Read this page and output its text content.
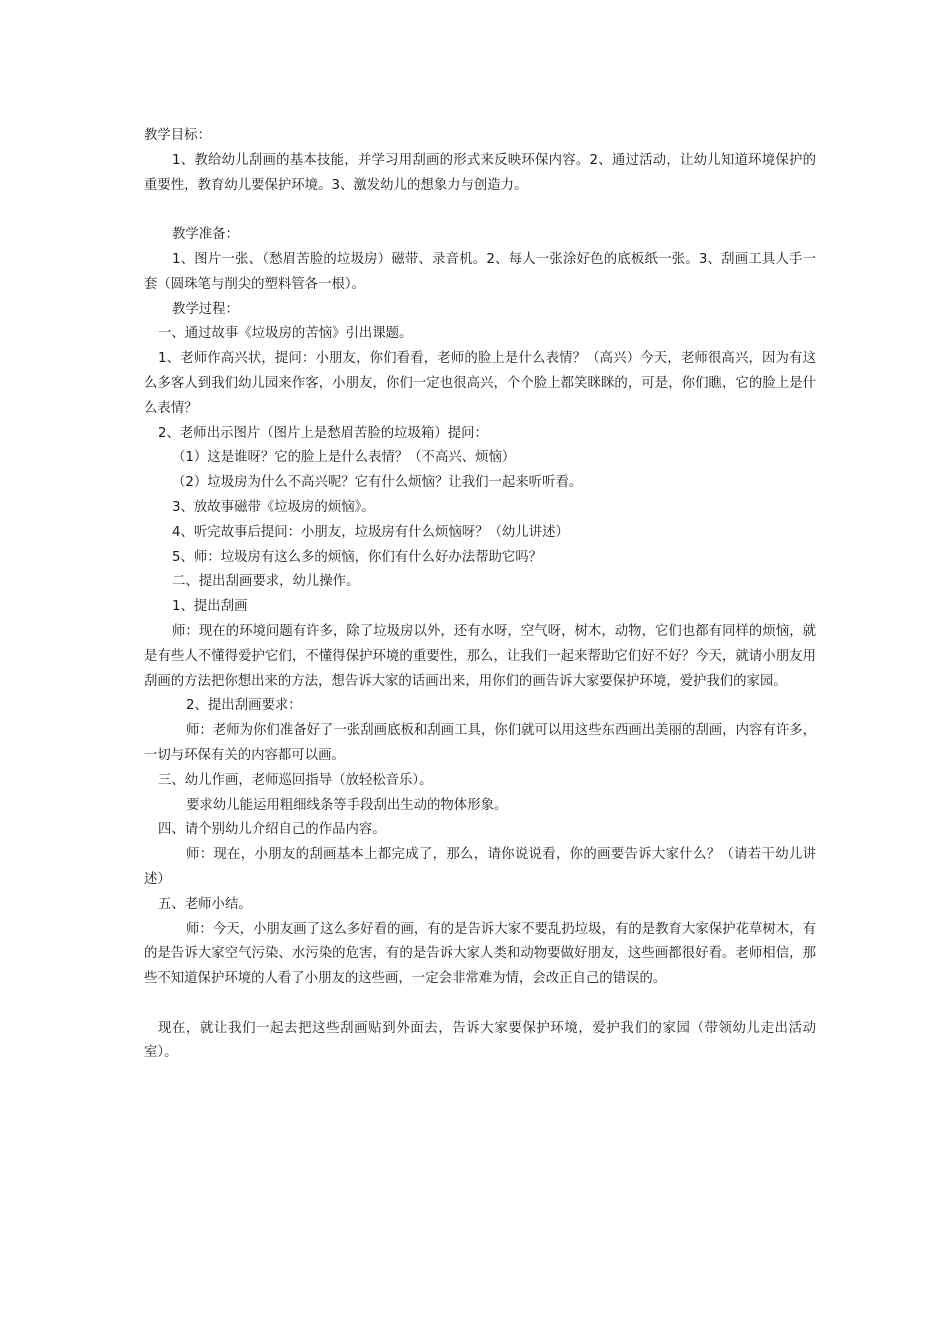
教学目标：

1、教给幼儿刮画的基本技能，并学习用刮画的形式来反映环保内容。2、通过活动，让幼儿知道环境保护的重要性，教育幼儿要保护环境。3、激发幼儿的想象力与创造力。

教学准备：

1、图片一张、（愁眉苦脸的垃圾房）磁带、录音机。2、每人一张涂好色的底板纸一张。3、刮画工具人手一套（圆珠笔与削尖的塑料管各一根）。

教学过程：

一、通过故事《垃圾房的苦恼》引出课题。

1、老师作高兴状，提问：小朋友，你们看看，老师的脸上是什么表情？（高兴）今天，老师很高兴，因为有这么多客人到我们幼儿园来作客，小朋友，你们一定也很高兴，个个脸上都笑眯眯的，可是，你们瞧，它的脸上是什么表情？

2、老师出示图片（图片上是愁眉苦脸的垃圾箱）提问：

（1）这是谁呀？它的脸上是什么表情？（不高兴、烦恼）

（2）垃圾房为什么不高兴呢？它有什么烦恼？让我们一起来听听看。

3、放故事磁带《垃圾房的烦恼》。

4、听完故事后提问：小朋友，垃圾房有什么烦恼呀？（幼儿讲述）

5、师：垃圾房有这么多的烦恼，你们有什么好办法帮助它吗？

二、提出刮画要求，幼儿操作。

1、提出刮画

师：现在的环境问题有许多，除了垃圾房以外，还有水呀，空气呀，树木，动物，它们也都有同样的烦恼，就是有些人不懂得爱护它们，不懂得保护环境的重要性，那么，让我们一起来帮助它们好不好？今天，就请小朋友用刮画的方法把你想出来的方法，想告诉大家的话画出来，用你们的画告诉大家要保护环境，爱护我们的家园。

2、提出刮画要求：

师：老师为你们准备好了一张刮画底板和刮画工具，你们就可以用这些东西画出美丽的刮画，内容有许多，一切与环保有关的内容都可以画。

三、幼儿作画，老师巡回指导（放轻松音乐）。

要求幼儿能运用粗细线条等手段刮出生动的物体形象。

四、请个别幼儿介绍自己的作品内容。

师：现在，小朋友的刮画基本上都完成了，那么，请你说说看，你的画要告诉大家什么？（请若干幼儿讲述）

五、老师小结。

师：今天，小朋友画了这么多好看的画，有的是告诉大家不要乱扔垃圾，有的是教育大家保护花草树木，有的是告诉大家空气污染、水污染的危害，有的是告诉大家人类和动物要做好朋友，这些画都很好看。老师相信，那些不知道保护环境的人看了小朋友的这些画，一定会非常难为情，会改正自己的错误的。

现在，就让我们一起去把这些刮画贴到外面去，告诉大家要保护环境，爱护我们的家园（带领幼儿走出活动室）。
